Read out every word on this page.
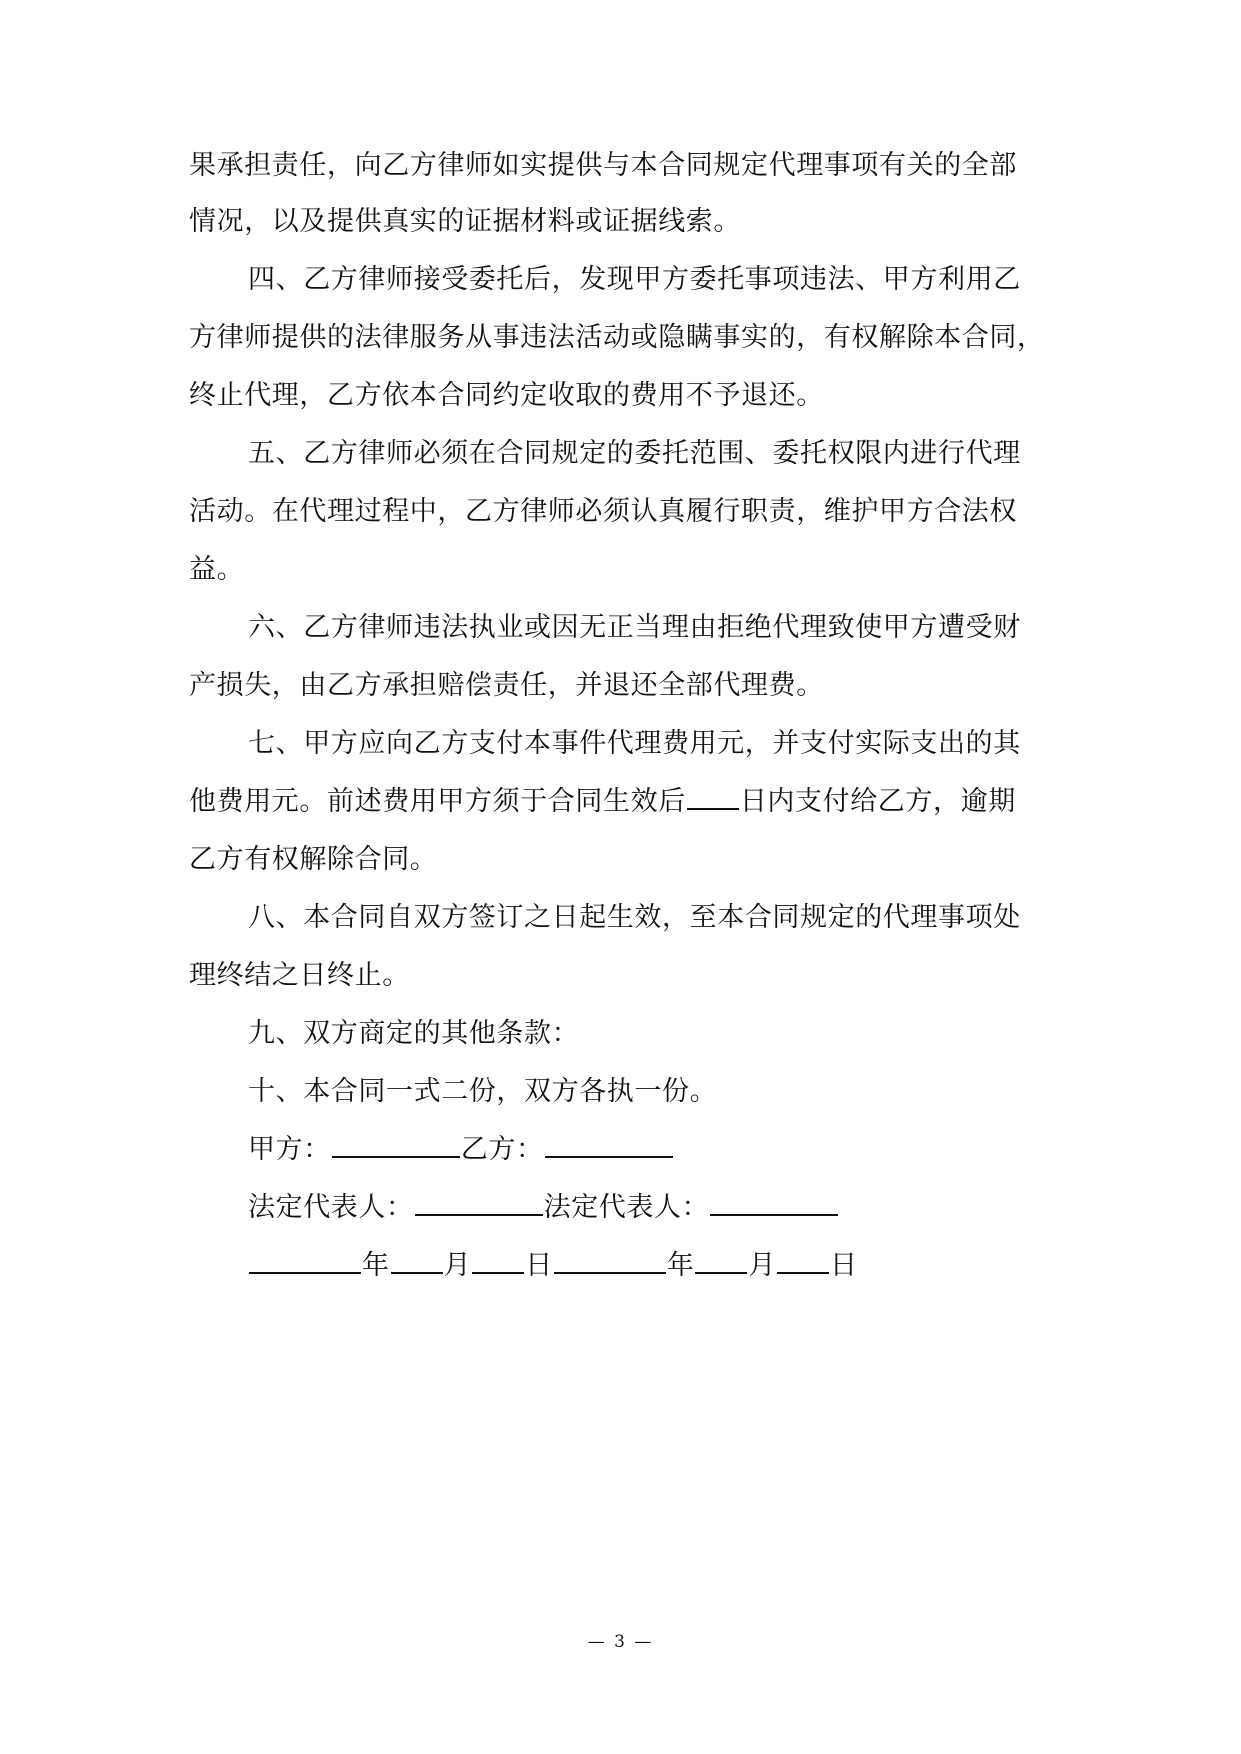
果承担责任，向乙方律师如实提供与本合同规定代理事项有关的全部
情况，以及提供真实的证据材料或证据线索。
四、乙方律师接受委托后，发现甲方委托事项违法、甲方利用乙
方律师提供的法律服务从事违法活动或隐瞒事实的，有权解除本合同，
终止代理，乙方依本合同约定收取的费用不予退还。
五、乙方律师必须在合同规定的委托范围、委托权限内进行代理
活动。在代理过程中，乙方律师必须认真履行职责，维护甲方合法权
益。
六、乙方律师违法执业或因无正当理由拒绝代理致使甲方遭受财
产损失，由乙方承担赔偿责任，并退还全部代理费。
七、甲方应向乙方支付本事件代理费用元，并支付实际支出的其
他费用元。前述费用甲方须于合同生效后 日内支付给乙方，逾期
乙方有权解除合同。
八、本合同自双方签订之日起生效，至本合同规定的代理事项处
理终结之日终止。
九、双方商定的其他条款：
十、本合同一式二份，双方各执一份。
甲方：	乙方：
法定代表人：	法定代表人：
年 月 日	年 月 日
— 3 —
